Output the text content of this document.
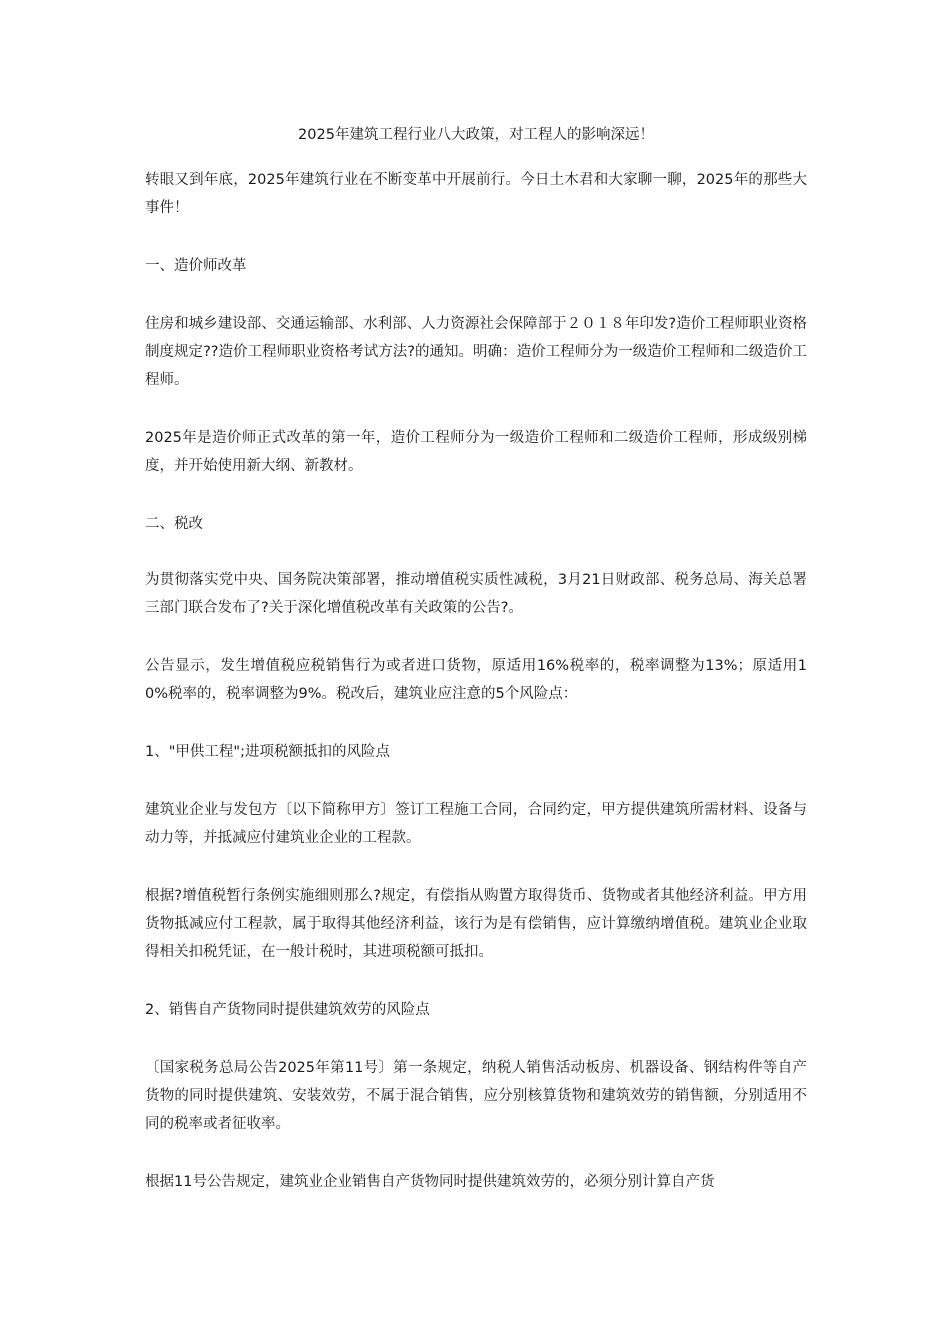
2025年建筑工程行业八大政策，对工程人的影响深远！

转眼又到年底，2025年建筑行业在不断变革中开展前行。今日土木君和大家聊一聊，2025年的那些大事件！

一、造价师改革

住房和城乡建设部、交通运输部、水利部、人力资源社会保障部于２０１８年印发?造价工程师职业资格制度规定??造价工程师职业资格考试方法?的通知。明确：造价工程师分为一级造价工程师和二级造价工程师。

2025年是造价师正式改革的第一年，造价工程师分为一级造价工程师和二级造价工程师，形成级别梯度，并开始使用新大纲、新教材。

二、税改

为贯彻落实党中央、国务院决策部署，推动增值税实质性减税，3月21日财政部、税务总局、海关总署三部门联合发布了?关于深化增值税改革有关政策的公告?。

公告显示，发生增值税应税销售行为或者进口货物，原适用16%税率的，税率调整为13%；原适用10%税率的，税率调整为9%。税改后，建筑业应注意的5个风险点：

1、"甲供工程";进项税额抵扣的风险点

建筑业企业与发包方〔以下简称甲方〕签订工程施工合同，合同约定，甲方提供建筑所需材料、设备与动力等，并抵减应付建筑业企业的工程款。

根据?增值税暂行条例实施细则那么?规定，有偿指从购置方取得货币、货物或者其他经济利益。甲方用货物抵减应付工程款，属于取得其他经济利益，该行为是有偿销售，应计算缴纳增值税。建筑业企业取得相关扣税凭证，在一般计税时，其进项税额可抵扣。

2、销售自产货物同时提供建筑效劳的风险点

〔国家税务总局公告2025年第11号〕第一条规定，纳税人销售活动板房、机器设备、钢结构件等自产货物的同时提供建筑、安装效劳，不属于混合销售，应分别核算货物和建筑效劳的销售额，分别适用不同的税率或者征收率。

根据11号公告规定，建筑业企业销售自产货物同时提供建筑效劳的，必须分别计算自产货
